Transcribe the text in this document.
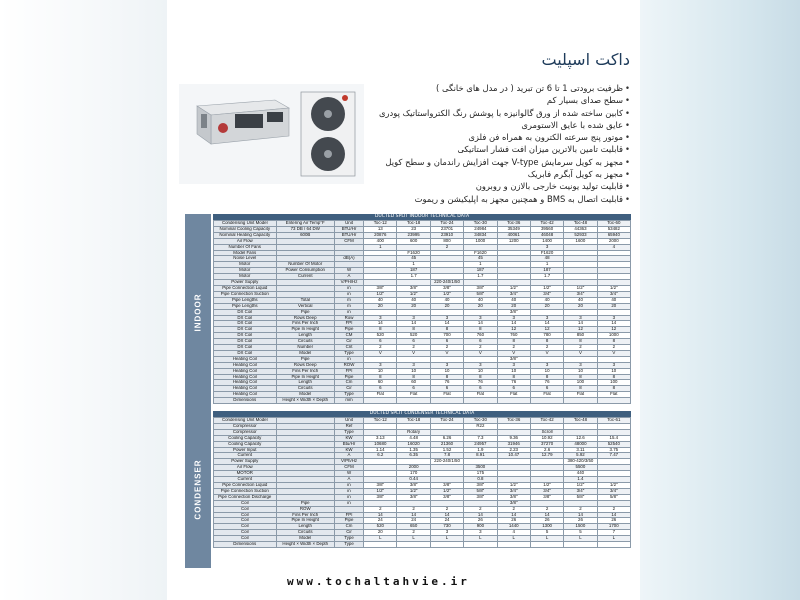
داکت اسپلیت
• ظرفیت برودتی 1 تا 6 تن تبرید ( در مدل های خانگی )
• سطح صدای بسیار کم
• کابین ساخته شده از ورق گالوانیزه با پوشش رنگ الکترواستاتیک پودری
• عایق شده با عایق الاستومری
• موتور پنج سرعته الکترون به همراه فن فلزی
• قابلیت تامین بالاترین میزان افت فشار استاتیکی
• مجهز به کویل سرمایش V-type جهت افزایش راندمان و سطح کویل
• مجهز به کویل آبگرم فابریک
• قابلیت تولید یونیت خارجی بالازن و روبرون
• قابلیت اتصال به BMS و همچنین مجهز به اپلیکیشن و ریموت
INDOOR
DUCTED SPLIT INDOOR TECHNICAL DATA
Condensing Unit Model	Entering Air Temp°F	Unit	Toc-12	Toc-18	Toc-24	Toc-30	Toc-36	Toc-42	Toc-48	Toc-60
Nominal Cooling Capacity	73 DB / 64 DW	BTU/Hr	13	23	23701	24984	35349	39560	44363	53482
Nominal Heating Capacity	600B	BTU/Hr	20876	23995	23910	34834	40061	46048	52933	65940
Air Flow		CFM	400	600	800	1000	1200	1400	1600	2000
Number Of Fans			1		2			3		4
Model Fans				F1620		F1620		F1620		
Noise Level		dB(A)		45		45		48		
Motor	Number Of Motor			1		1		1		
Motor	Power Consumption	W		187		187		187		
Motor	Current	A		1.7		1.7		1.7		
Power Supply		V/PH/Hz			220-240/1/50					
Pipe Connection Liquid		in	3/8"	3/8"	3/8"	3/8"	1/2"	1/2"	1/2"	1/2"
Pipe Connection Suction		in	1/2"	1/2"	1/2"	5/8"	3/4"	3/4"	3/4"	3/4"
Pipe Lengths	Total	m	40	40	40	40	40	40	40	40
Pipe Lengths	Vertical	m	20	20	20	20	20	20	20	20
DX Coil	Pipe	in					3/8"			
DX Coil	Rows Deep	Row	3	3	3	3	3	3	3	3
DX Coil	Fins Per Inch	FPI	14	14	14	14	14	14	14	14
DX Coil	Pipe In Height	Pipe	8	8	8	8	12	12	12	12
DX Coil	Length	CM	520	520	700	760	760	780	850	1000
DX Coil	Circuits	Cir	6	6	6	6	8	8	8	8
DX Coil	Number	Cnt	2	2	2	2	2	2	2	2
DX Coil	Model	Type	V	V	V	V	V	V	V	V
Heating Coil	Pipe	in					3/8"			
Heating Coil	Rows Deep	ROW	3	3	3	3	3	3	3	3
Heating Coil	Fins Per Inch	FPI	10	10	10	10	10	10	10	10
Heating Coil	Pipe In Height	Pipe	8	8	8	8	8	8	8	8
Heating Coil	Length	Cm	60	60	76	76	76	76	100	100
Heating Coil	Circuits	Cir	6	6	6	6	6	6	8	8
Heating Coil	Model	Type	Flat	Flat	Flat	Flat	Flat	Flat	Flat	Flat
Dimensions	Height × Width × Depth	mm								
CONDENSER
DUCTED SPLIT CONDENSER TECHNICAL DATA
Condensing Unit Model		Unit	Toc-12	Toc-18	Toc-24	Toc-30	Toc-36	Toc-42	Toc-48	Toc-61
Compressor		Ref				R22				
Compressor		Type		Rotary				Scroll		
Cooling Capacity		KW	3.13	4.48	6.26	7.3	9.36	10.92	12.6	15.4
Cooling Capacity		Btu/Hr	10680	16020	21360	24957	31946	37270	48000	52540
Power Input		KW	1.14	1.35	1.52	1.9	2.23	2.6	3.11	3.75
Current		A	6.2	6.35	7.8	8.91	10.47	12.79	5.92	7.47
Power Supply		V/Ph/Hz			220-240/1/50				380-420/3/50	
Air Flow		CFM		2000		3500			5500	
MOTOR		W		170		175			440	
Current		A		0.44		0.8			1.4	
Pipe Connection Liquid		in	3/8"	3/8"	3/8"	3/8"	1/2"	1/2"	1/2"	1/2"
Pipe Connection Suction		in	1/2"	1/2"	1/2"	5/8"	3/4"	3/4"	3/4"	3/4"
Pipe Connection Discharge		in	3/8"	3/8"	3/8"	3/8"	3/8"	3/8"	5/8"	5/8"
Coil	Pipe	in					3/8"			
Coil	ROW		2	2	2	2	2	2	2	2
Coil	Fins Per Inch	FPI	14	14	14	14	14	14	14	14
Coil	Pipe In Height	Pipe	24	24	24	26	26	26	26	26
Coil	Length	Cm	520	650	730	900	1440	1300	1500	1700
Coil	Circuits	Cir	20	2	3	3	4	5	5	7
Coil	Model	Type	L	L	L	L	L	L	L	L
Dimensions	Height × Width × Depth	Type								
www.tochaltahvie.ir
